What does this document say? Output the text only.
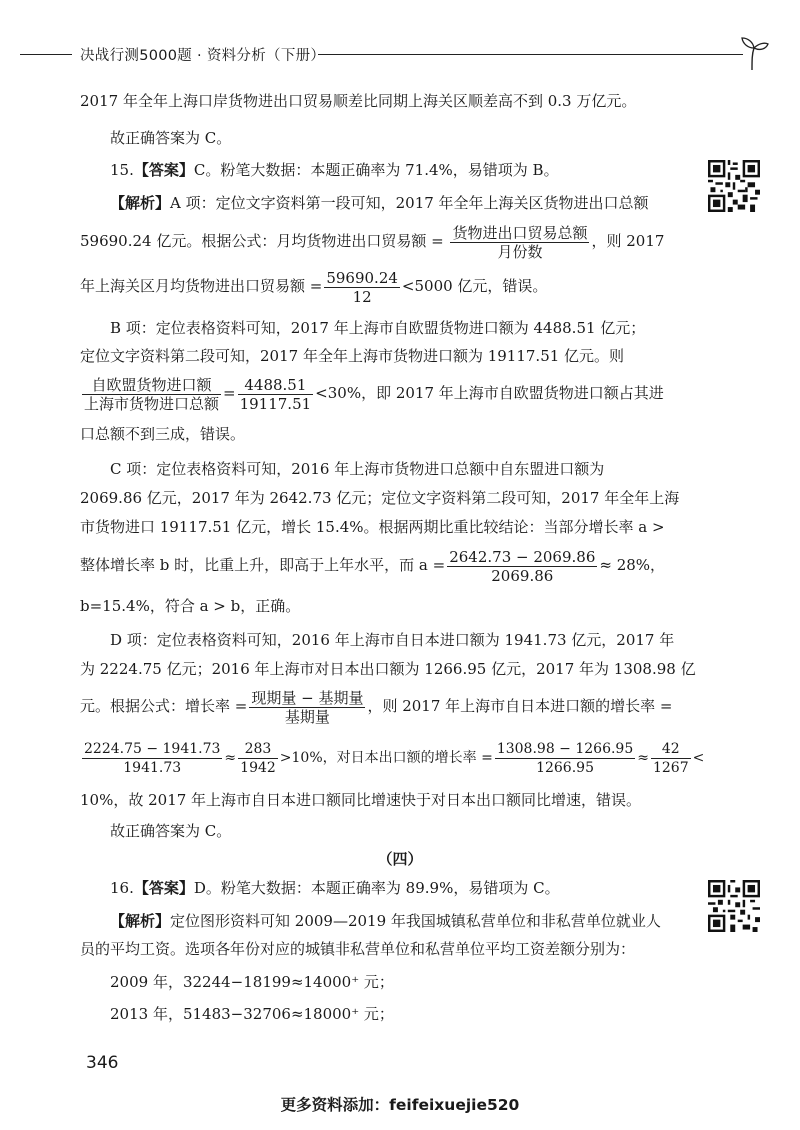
决战行测5000题 · 资料分析（下册）
2017 年全年上海口岸货物进出口贸易顺差比同期上海关区顺差高不到 0.3 万亿元。
故正确答案为 C。
15.【答案】C。粉笔大数据：本题正确率为 71.4%，易错项为 B。
【解析】A 项：定位文字资料第一段可知，2017 年全年上海关区货物进出口总额
59690.24 亿元。根据公式：月均货物进出口贸易额 = $\frac{\text{货物进出口贸易总额}}{\text{月份数}}$ ，则 2017
年上海关区月均货物进出口贸易额 = $\frac{59690.24}{12} <5000$ 亿元，错误。
B 项：定位表格资料可知，2017 年上海市自欧盟货物进口额为 4488.51 亿元；
定位文字资料第二段可知，2017 年全年上海市货物进口额为 19117.51 亿元。则
$\frac{\text{自欧盟货物进口额}}{\text{上海市货物进口总额}} = \frac{4488.51}{19117.51} <30\%$，即 2017 年上海市自欧盟货物进口额占其进
口总额不到三成，错误。
C 项：定位表格资料可知，2016 年上海市货物进口总额中自东盟进口额为
2069.86 亿元，2017 年为 2642.73 亿元；定位文字资料第二段可知，2017 年全年上海
市货物进口 19117.51 亿元，增长 15.4%。根据两期比重比较结论：当部分增长率 a >
整体增长率 b 时，比重上升，即高于上年水平，而 $a = \frac{2642.73 - 2069.86}{2069.86} \approx 28\%$，
b=15.4%，符合 a > b，正确。
D 项：定位表格资料可知，2016 年上海市自日本进口额为 1941.73 亿元，2017 年
为 2224.75 亿元；2016 年上海市对日本出口额为 1266.95 亿元，2017 年为 1308.98 亿
元。根据公式：增长率 = $\frac{\text{现期量 − 基期量}}{\text{基期量}}$ ，则 2017 年上海市自日本进口额的增长率 =
$\frac{2224.75 - 1941.73}{1941.73} \approx \frac{283}{1942} >10\%$，对日本出口额的增长率 = $\frac{1308.98 - 1266.95}{1266.95} \approx \frac{42}{1267}$ <
10%，故 2017 年上海市自日本进口额同比增速快于对日本出口额同比增速，错误。
故正确答案为 C。
（四）
16.【答案】D。粉笔大数据：本题正确率为 89.9%，易错项为 C。
【解析】定位图形资料可知 2009—2019 年我国城镇私营单位和非私营单位就业人
员的平均工资。选项各年份对应的城镇非私营单位和私营单位平均工资差额分别为：
2009 年，32244−18199≈14000⁺ 元；
2013 年，51483−32706≈18000⁺ 元；
346
更多资料添加：feifeixuejie520
